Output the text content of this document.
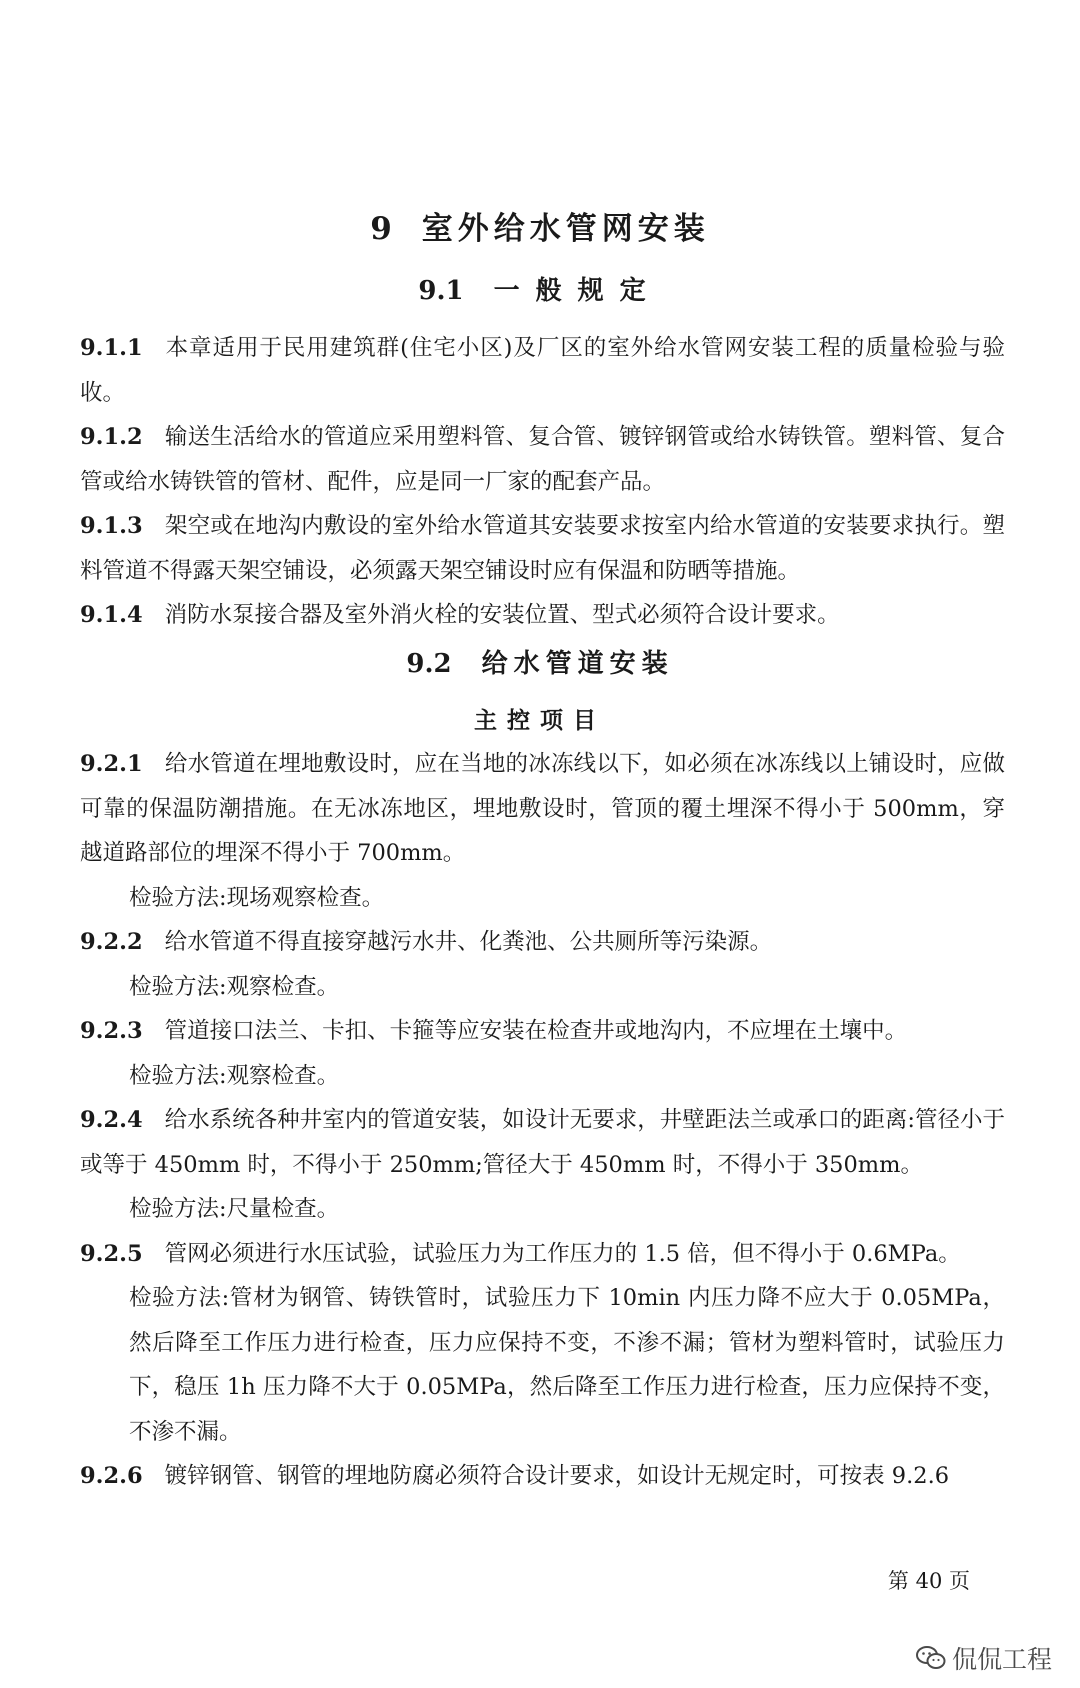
9 室外给水管网安装
9.1 一般规定

9.1.1 本章适用于民用建筑群(住宅小区)及厂区的室外给水管网安装工程的质量检验与验收。

9.1.2 输送生活给水的管道应采用塑料管、复合管、镀锌钢管或给水铸铁管。塑料管、复合管或给水铸铁管的管材、配件，应是同一厂家的配套产品。

9.1.3 架空或在地沟内敷设的室外给水管道其安装要求按室内给水管道的安装要求执行。塑料管道不得露天架空铺设，必须露天架空铺设时应有保温和防晒等措施。

9.1.4 消防水泵接合器及室外消火栓的安装位置、型式必须符合设计要求。

9.2 给水管道安装
主控项目

9.2.1 给水管道在埋地敷设时，应在当地的冰冻线以下，如必须在冰冻线以上铺设时，应做可靠的保温防潮措施。在无冰冻地区，埋地敷设时，管顶的覆土埋深不得小于 500mm，穿越道路部位的埋深不得小于 700mm。

检验方法:现场观察检查。

9.2.2 给水管道不得直接穿越污水井、化粪池、公共厕所等污染源。

检验方法:观察检查。

9.2.3 管道接口法兰、卡扣、卡箍等应安装在检查井或地沟内，不应埋在土壤中。

检验方法:观察检查。

9.2.4 给水系统各种井室内的管道安装，如设计无要求，井壁距法兰或承口的距离:管径小于或等于 450mm 时，不得小于 250mm;管径大于 450mm 时，不得小于 350mm。

检验方法:尺量检查。

9.2.5 管网必须进行水压试验，试验压力为工作压力的 1.5 倍，但不得小于 0.6MPa。

检验方法:管材为钢管、铸铁管时，试验压力下 10min 内压力降不应大于 0.05MPa，然后降至工作压力进行检查，压力应保持不变，不渗不漏；管材为塑料管时，试验压力下，稳压 1h 压力降不大于 0.05MPa，然后降至工作压力进行检查，压力应保持不变，不渗不漏。

9.2.6 镀锌钢管、钢管的埋地防腐必须符合设计要求，如设计无规定时，可按表 9.2.6

第 40 页
侃侃工程
